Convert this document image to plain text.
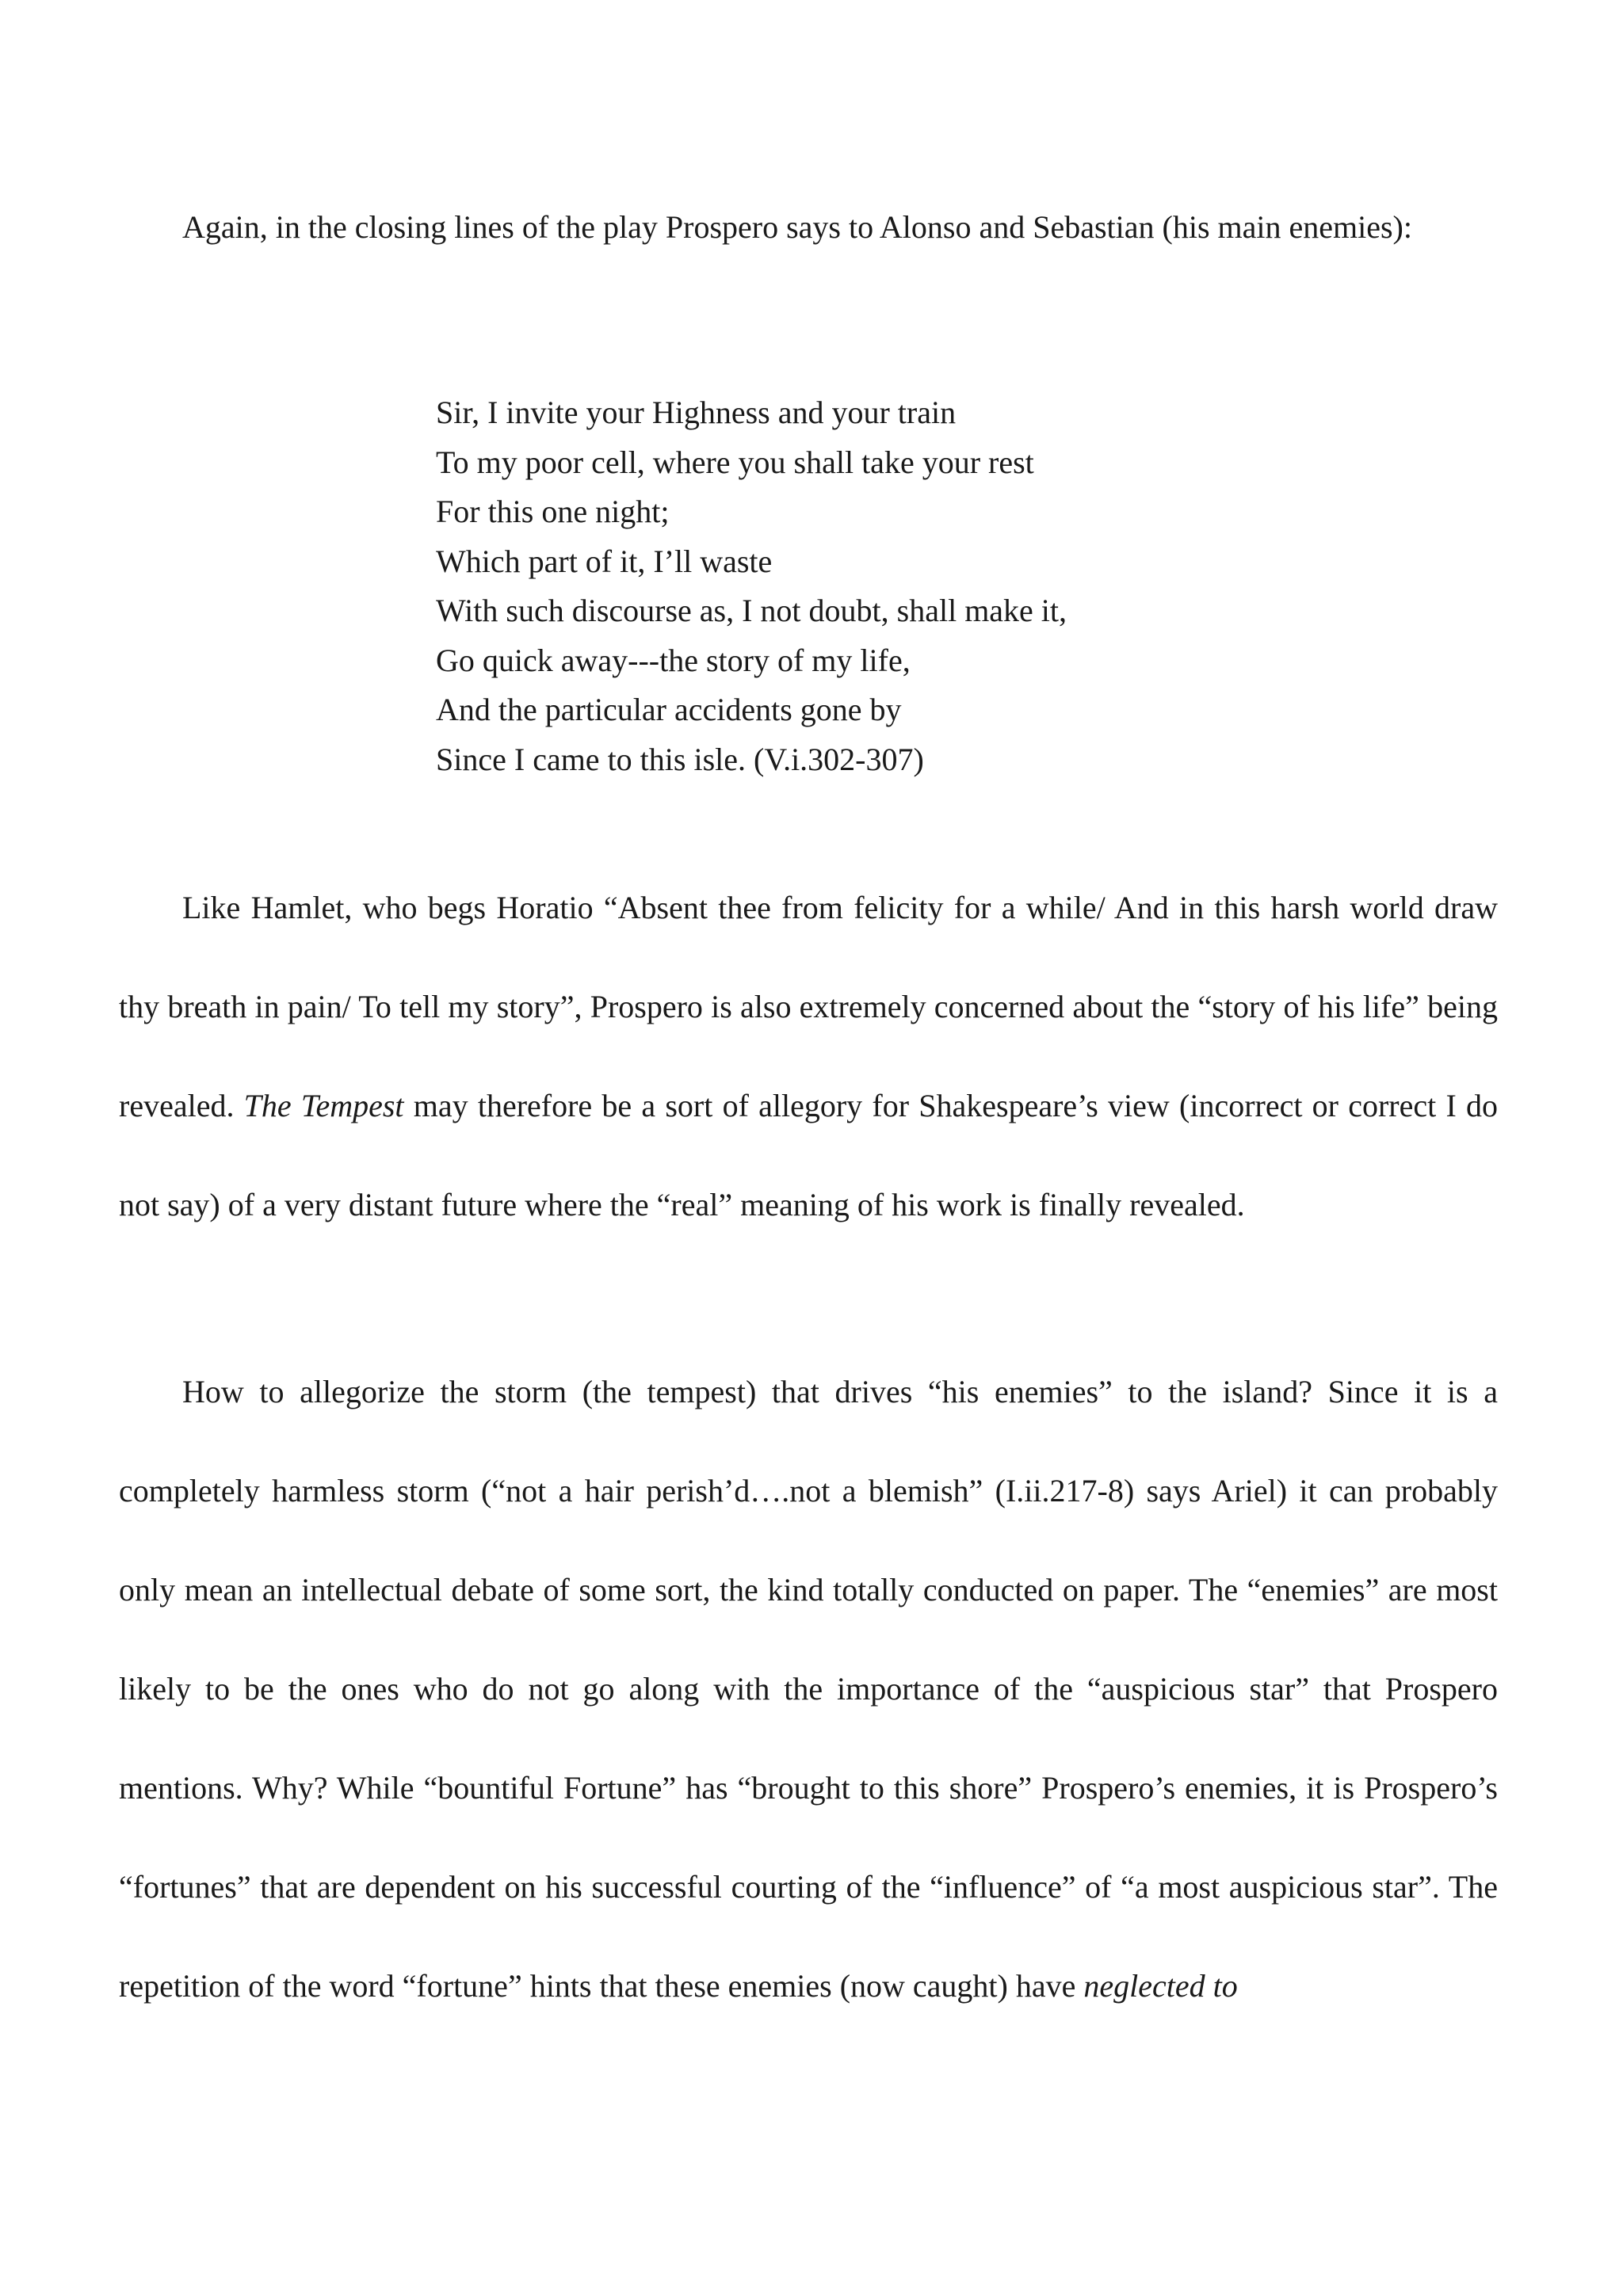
Again, in the closing lines of the play Prospero says to Alonso and Sebastian (his main enemies):

Sir, I invite your Highness and your train
To my poor cell, where you shall take your rest
For this one night;
Which part of it, I’ll waste
With such discourse as, I not doubt, shall make it,
Go quick away---the story of my life,
And the particular accidents gone by
Since I came to this isle. (V.i.302-307)

Like Hamlet, who begs Horatio “Absent thee from felicity for a while/ And in this harsh world draw thy breath in pain/ To tell my story”, Prospero is also extremely concerned about the “story of his life” being revealed. The Tempest may therefore be a sort of allegory for Shakespeare’s view (incorrect or correct I do not say) of a very distant future where the “real” meaning of his work is finally revealed.

How to allegorize the storm (the tempest) that drives “his enemies” to the island? Since it is a completely harmless storm (“not a hair perish’d….not a blemish” (I.ii.217-8) says Ariel) it can probably only mean an intellectual debate of some sort, the kind totally conducted on paper. The “enemies” are most likely to be the ones who do not go along with the importance of the “auspicious star” that Prospero mentions. Why? While “bountiful Fortune” has “brought to this shore” Prospero’s enemies, it is Prospero’s “fortunes” that are dependent on his successful courting of the “influence” of “a most auspicious star”. The repetition of the word “fortune” hints that these enemies (now caught) have neglected to
